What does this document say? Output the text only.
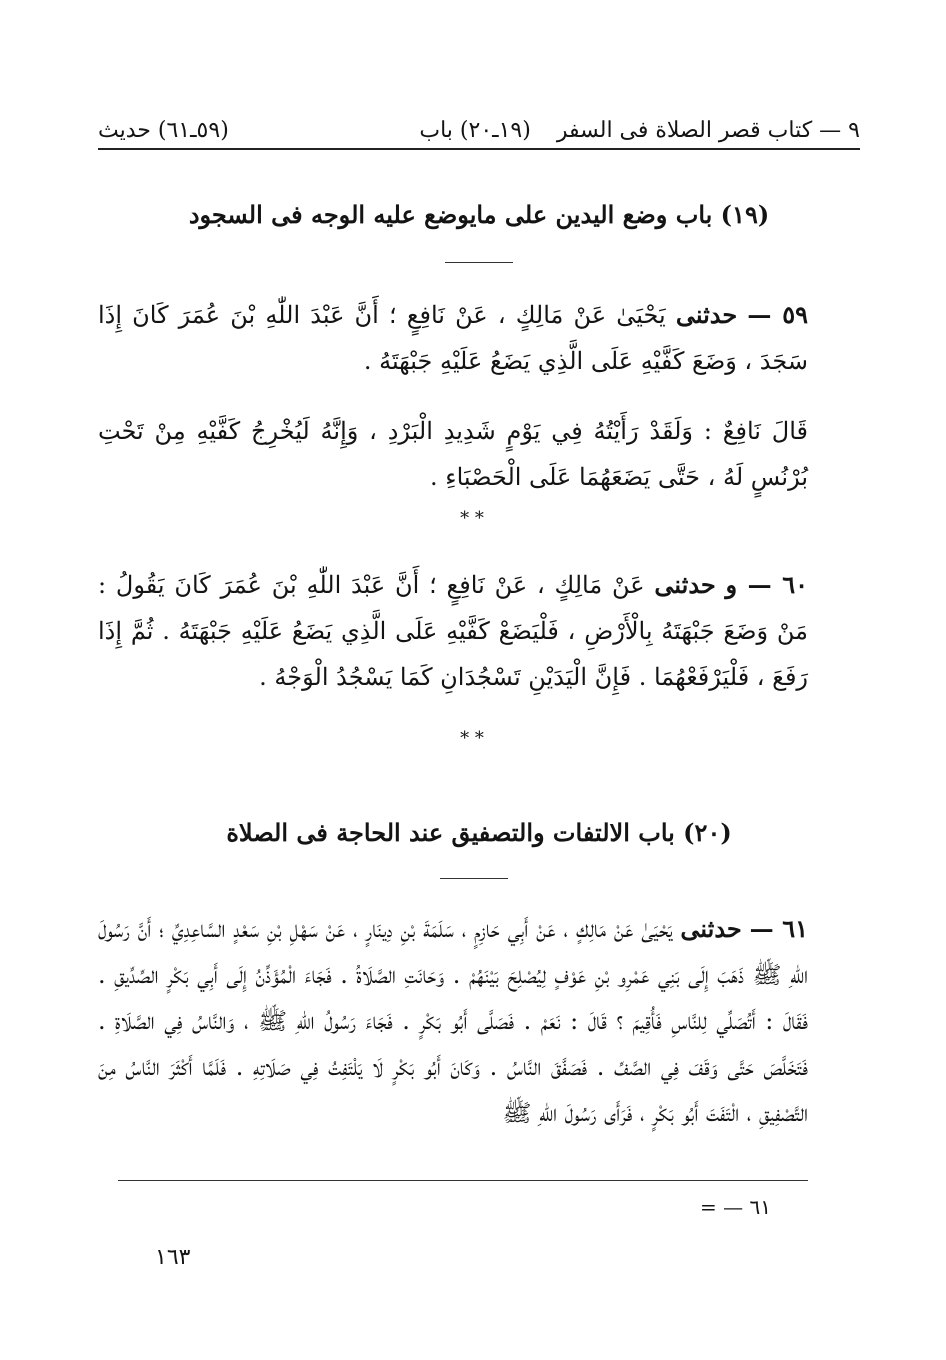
٩ — كتاب قصر الصلاة فى السفر
(١٩ـ٢٠) باب
(٥٩ـ٦١) حديث
(١٩) باب وضع اليدين على مايوضع عليه الوجه فى السجود
٥٩ — حدثنى يَحْيَىٰ عَنْ مَالِكٍ ، عَنْ نَافِعٍ ؛ أَنَّ عَبْدَ اللّٰهِ بْنَ عُمَرَ كَانَ إِذَا سَجَدَ ، وَضَعَ كَفَّيْهِ عَلَى الَّذِي يَضَعُ عَلَيْهِ جَبْهَتَهُ .
قَالَ نَافِعٌ : وَلَقَدْ رَأَيْتُهُ فِي يَوْمٍ شَدِيدِ الْبَرْدِ ، وَإِنَّهُ لَيُخْرِجُ كَفَّيْهِ مِنْ تَحْتِ بُرْنُسٍ لَهُ ، حَتَّى يَضَعَهُمَا عَلَى الْحَصْبَاءِ .
* *
٦٠ — و حدثنى عَنْ مَالِكٍ ، عَنْ نَافِعٍ ؛ أَنَّ عَبْدَ اللّٰهِ بْنَ عُمَرَ كَانَ يَقُولُ : مَنْ وَضَعَ جَبْهَتَهُ بِالْأَرْضِ ، فَلْيَضَعْ كَفَّيْهِ عَلَى الَّذِي يَضَعُ عَلَيْهِ جَبْهَتَهُ . ثُمَّ إِذَا رَفَعَ ، فَلْيَرْفَعْهُمَا . فَإِنَّ الْيَدَيْنِ تَسْجُدَانِ كَمَا يَسْجُدُ الْوَجْهُ .
* *
(٢٠) باب الالتفات والتصفيق عند الحاجة فى الصلاة
٦١ — حدثنى يَحْيَىٰ عَنْ مَالِكٍ ، عَنْ أَبِي حَازِمٍ ، سَلَمَةَ بْنِ دِينَارٍ ، عَنْ سَهْلِ بْنِ سَعْدٍ السَّاعِدِيِّ ؛ أَنَّ رَسُولَ اللّٰهِ ﷺ ذَهَبَ إِلَى بَنِي عَمْرِو بْنِ عَوْفٍ لِيُصْلِحَ بَيْنَهُمْ . وَحَانَتِ الصَّلَاةُ . فَجَاءَ الْمُؤَذِّنُ إِلَى أَبِي بَكْرٍ الصِّدِّيقِ . فَقَالَ : أَتُصَلِّي لِلنَّاسِ فَأُقِيمَ ؟ قَالَ : نَعَمْ . فَصَلَّى أَبُو بَكْرٍ . فَجَاءَ رَسُولُ اللّٰهِ ﷺ ، وَالنَّاسُ فِي الصَّلَاةِ . فَتَخَلَّصَ حَتَّى وَقَفَ فِي الصَّفِّ . فَصَفَّقَ النَّاسُ . وَكَانَ أَبُو بَكْرٍ لَا يَلْتَفِتُ فِي صَلَاتِهِ . فَلَمَّا أَكْثَرَ النَّاسُ مِنَ التَّصْفِيقِ ، الْتَفَتَ أَبُو بَكْرٍ ، فَرَأَى رَسُولَ اللّٰهِ ﷺ
٦١ — =
١٦٣
